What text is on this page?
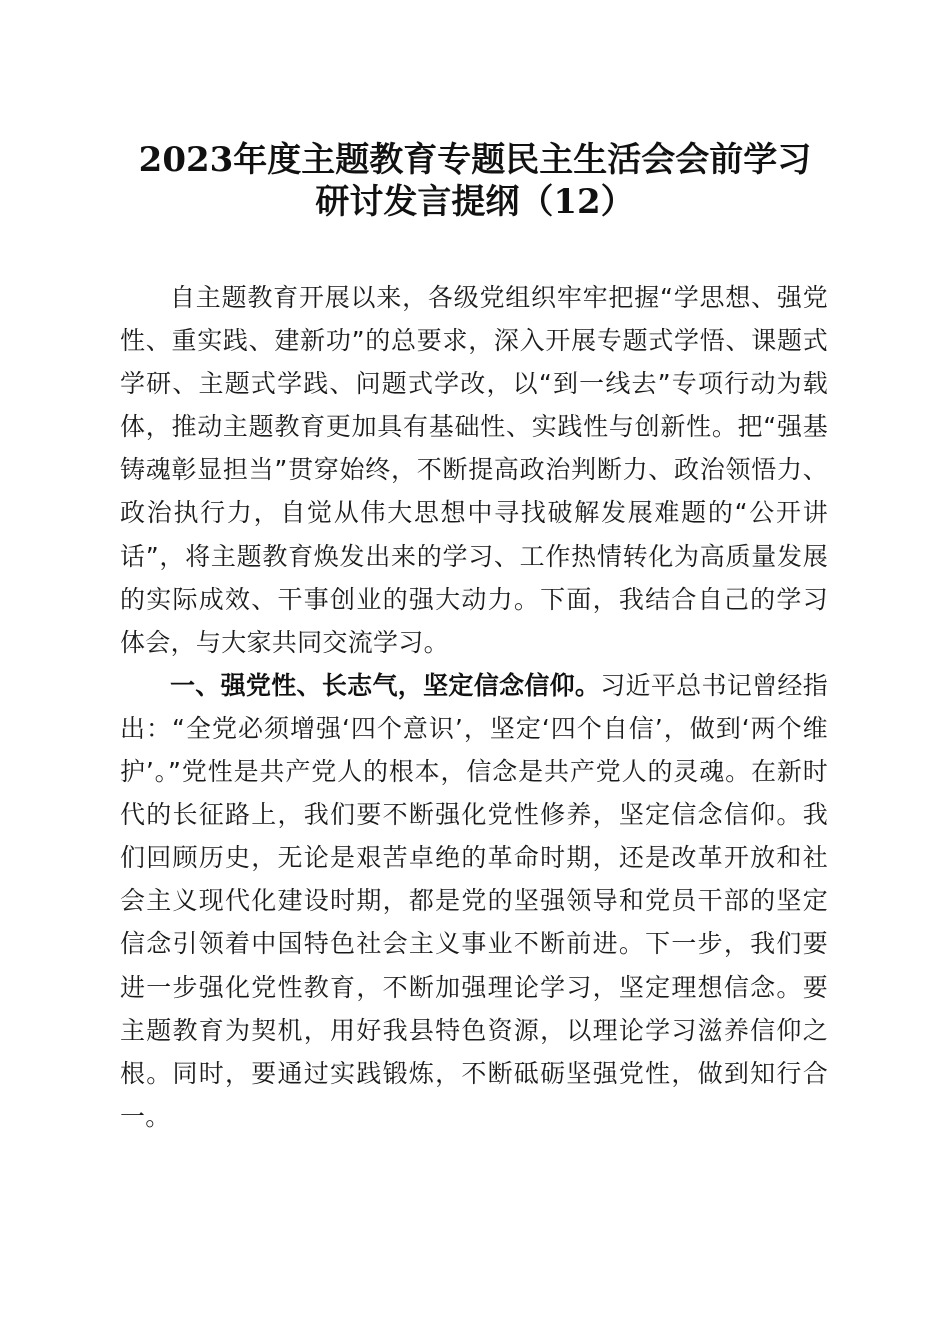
2023年度主题教育专题民主生活会会前学习
研讨发言提纲（12）

自主题教育开展以来，各级党组织牢牢把握“学思想、强党性、重实践、建新功”的总要求，深入开展专题式学悟、课题式学研、主题式学践、问题式学改，以“到一线去”专项行动为载体，推动主题教育更加具有基础性、实践性与创新性。把“强基铸魂彰显担当”贯穿始终，不断提高政治判断力、政治领悟力、政治执行力，自觉从伟大思想中寻找破解发展难题的“公开讲话”，将主题教育焕发出来的学习、工作热情转化为高质量发展的实际成效、干事创业的强大动力。下面，我结合自己的学习体会，与大家共同交流学习。

一、强党性、长志气，坚定信念信仰。习近平总书记曾经指出：“全党必须增强‘四个意识’，坚定‘四个自信’，做到‘两个维护’。”党性是共产党人的根本，信念是共产党人的灵魂。在新时代的长征路上，我们要不断强化党性修养，坚定信念信仰。我们回顾历史，无论是艰苦卓绝的革命时期，还是改革开放和社会主义现代化建设时期，都是党的坚强领导和党员干部的坚定信念引领着中国特色社会主义事业不断前进。下一步，我们要进一步强化党性教育，不断加强理论学习，坚定理想信念。要主题教育为契机，用好我县特色资源，以理论学习滋养信仰之根。同时，要通过实践锻炼，不断砥砺坚强党性，做到知行合一。
